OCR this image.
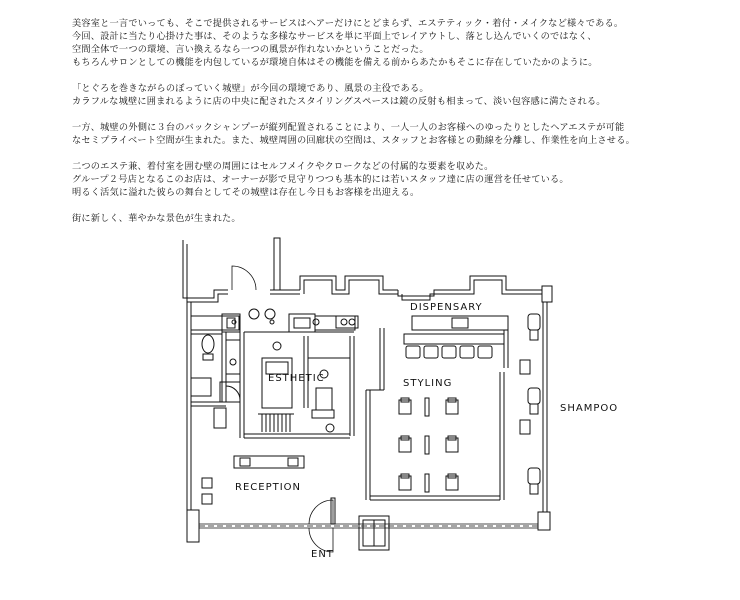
美容室と一言でいっても、そこで提供されるサービスはヘアーだけにとどまらず、エステティック・着付・メイクなど様々である。
今回、設計に当たり心掛けた事は、そのような多様なサービスを単に平面上でレイアウトし、落とし込んでいくのではなく、
空間全体で一つの環境、言い換えるなら一つの風景が作れないかということだった。
もちろんサロンとしての機能を内包しているが環境自体はその機能を備える前からあたかもそこに存在していたかのように。

「とぐろを巻きながらのぼっていく城壁」が今回の環境であり、風景の主役である。
カラフルな城壁に囲まれるように店の中央に配されたスタイリングスペースは鏡の反射も相まって、淡い包容感に満たされる。

一方、城壁の外側に３台のバックシャンプーが縦列配置されることにより、一人一人のお客様へのゆったりとしたヘアエステが可能
なセミプライベート空間が生まれた。また、城壁周囲の回廊状の空間は、スタッフとお客様との動線を分離し、作業性を向上させる。

二つのエステ兼、着付室を囲む壁の周囲にはセルフメイクやクロークなどの付属的な要素を収めた。
グループ２号店となるこのお店は、オーナーが影で見守りつつも基本的には若いスタッフ達に店の運営を任せている。
明るく活気に溢れた彼らの舞台としてその城壁は存在し今日もお客様を出迎える。

街に新しく、華やかな景色が生まれた。

DISPENSARY
ESTHETIC	STYLING
SHAMPOO
RECEPTION
ENT
